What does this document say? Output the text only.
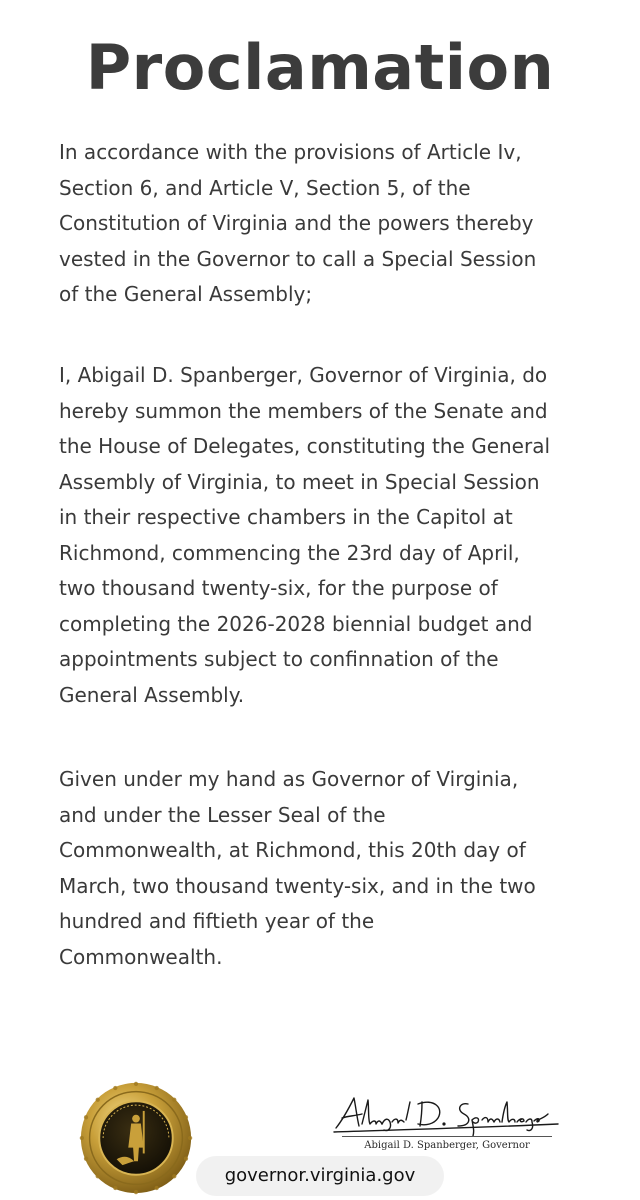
Proclamation
In accordance with the provisions of Article Iv,
Section 6, and Article V, Section 5, of the
Constitution of Virginia and the powers thereby
vested in the Governor to call a Special Session
of the General Assembly;
I, Abigail D. Spanberger, Governor of Virginia, do
hereby summon the members of the Senate and
the House of Delegates, constituting the General
Assembly of Virginia, to meet in Special Session
in their respective chambers in the Capitol at
Richmond, commencing the 23rd day of April,
two thousand twenty-six, for the purpose of
completing the 2026-2028 biennial budget and
appointments subject to confinnation of the
General Assembly.
Given under my hand as Governor of Virginia,
and under the Lesser Seal of the
Commonwealth, at Richmond, this 20th day of
March, two thousand twenty-six, and in the two
hundred and fiftieth year of the
Commonwealth.
Abigail D. Spanberger, Governor
governor.virginia.gov
